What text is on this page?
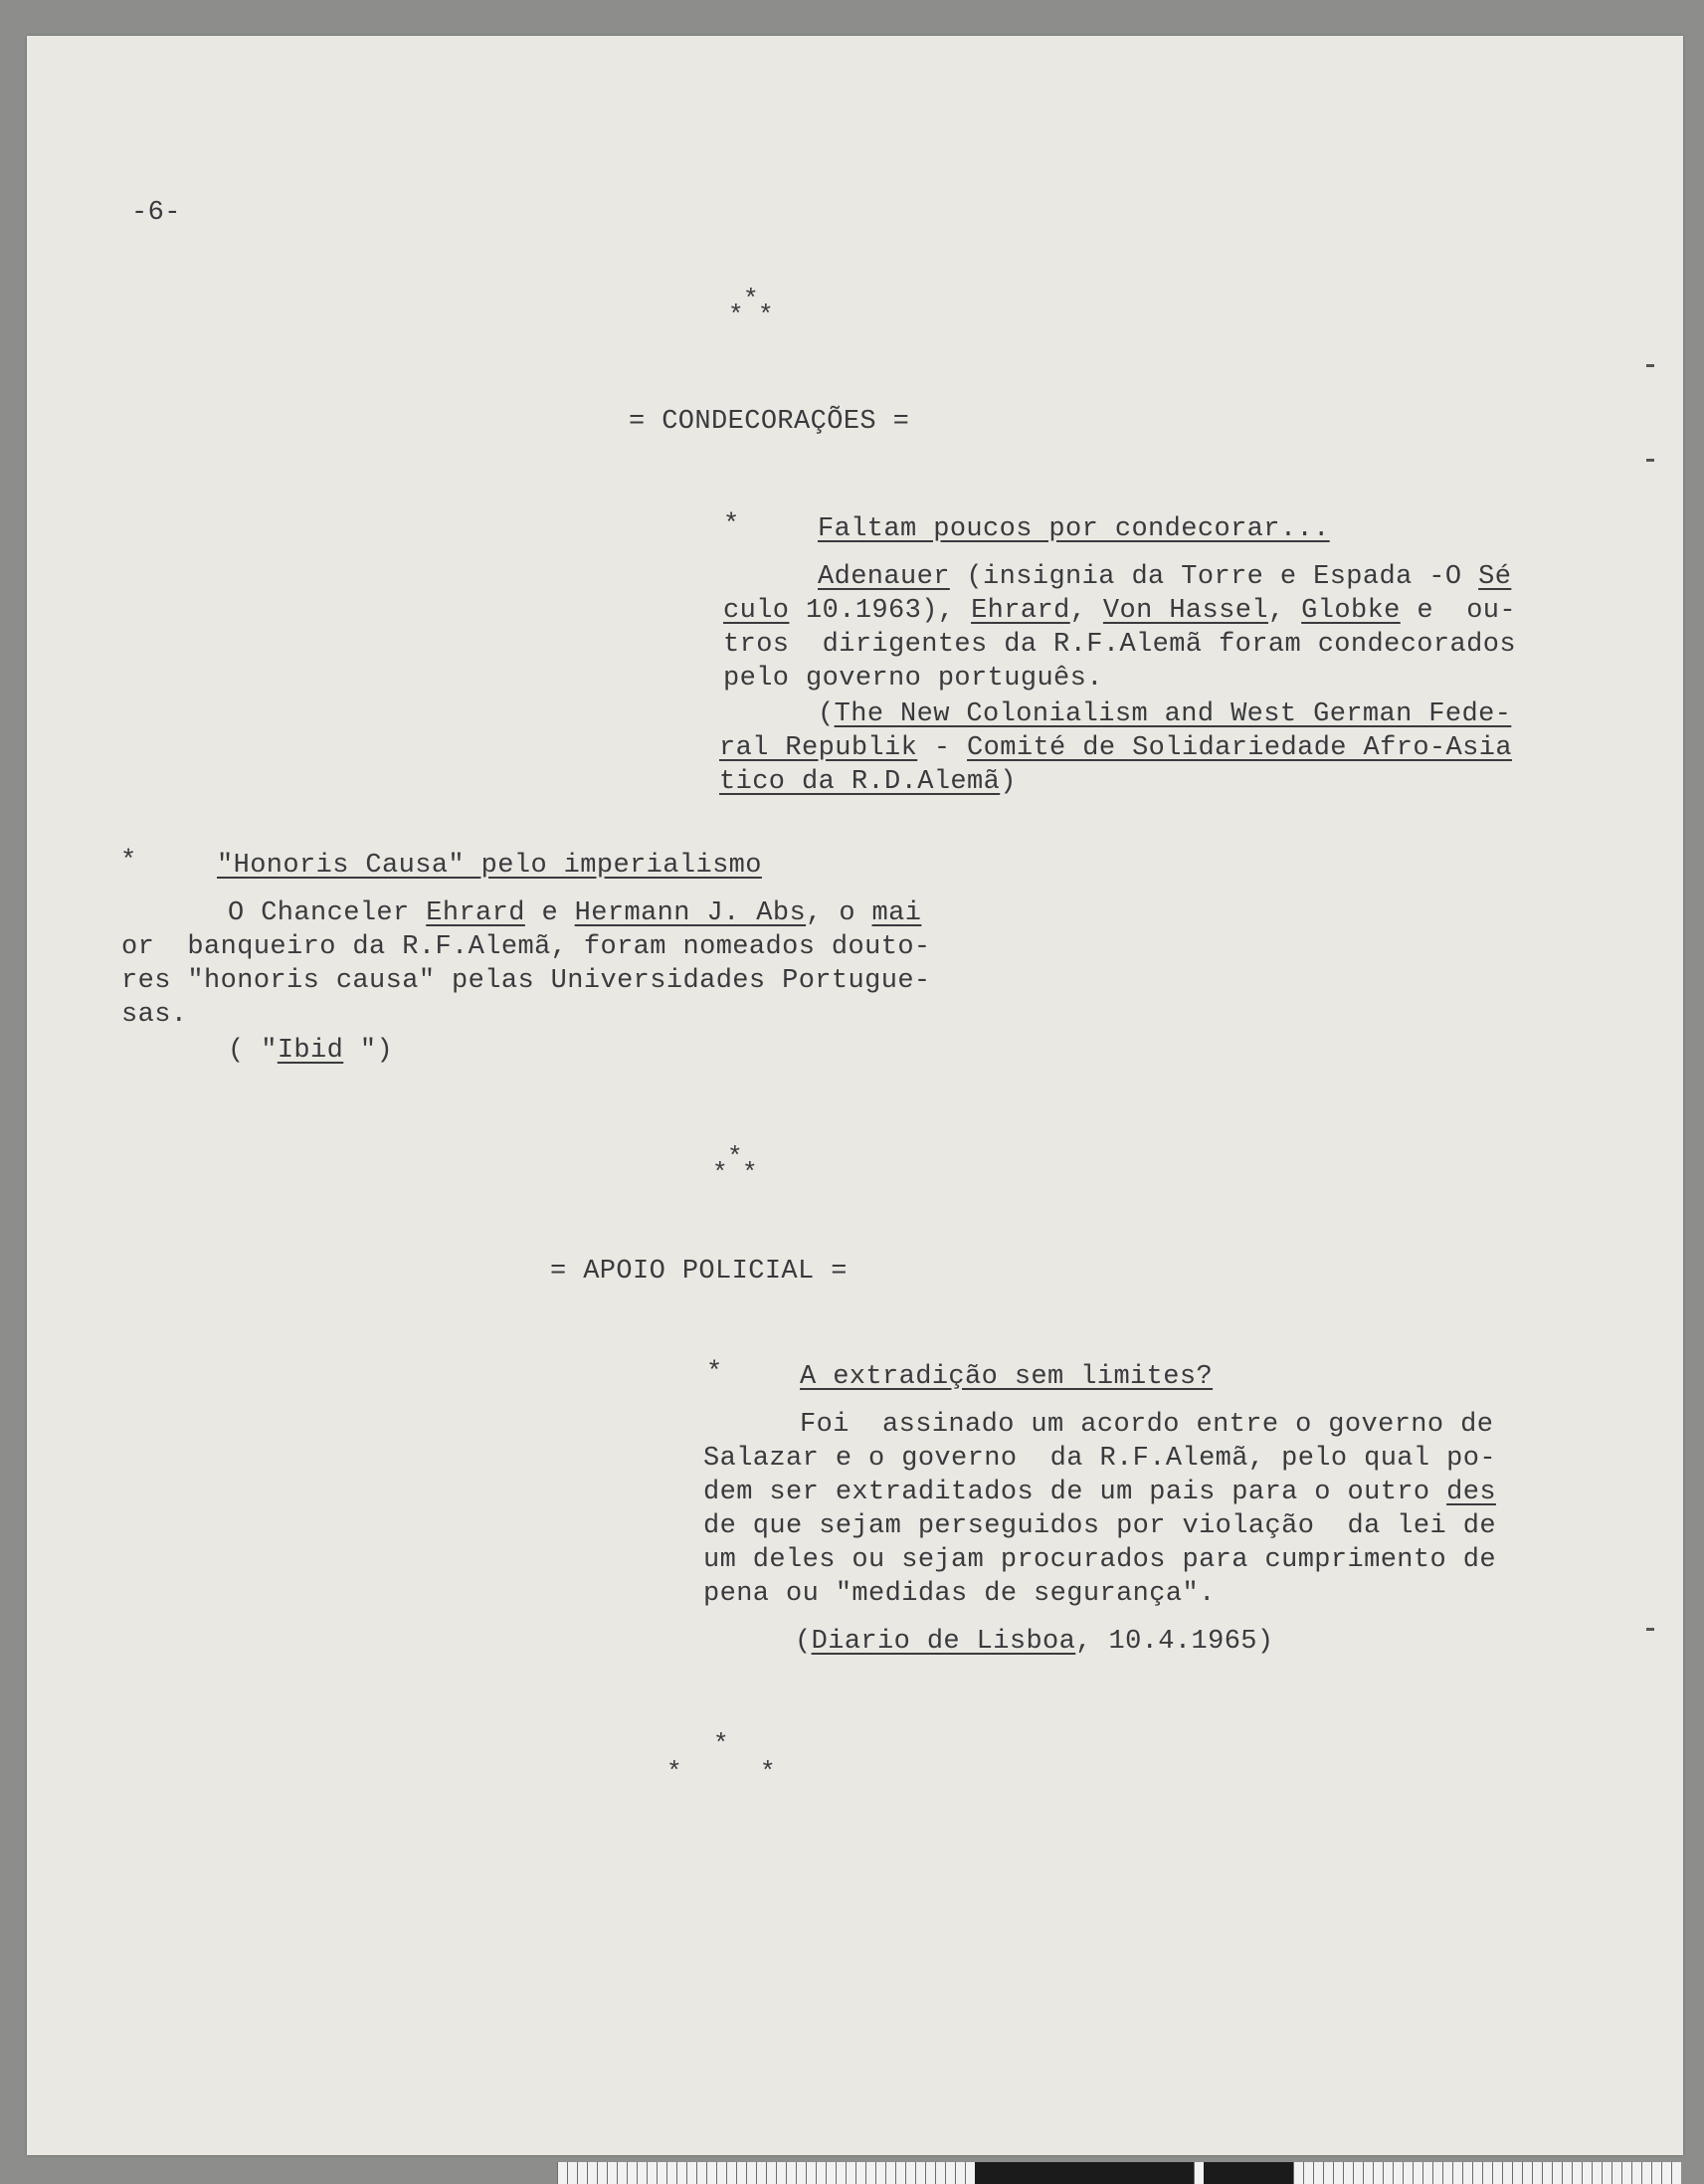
-6-
*
* *
= CONDECORAÇÕES =
*	Faltam poucos por condecorar...
Adenauer (insignia da Torre e Espada -O Sé
culo 10.1963), Ehrard, Von Hassel, Globke e  ou-
tros  dirigentes da R.F.Alemã foram condecorados
pelo governo português.
(The New Colonialism and West German Fede-
ral Republik - Comité de Solidariedade Afro-Asia
tico da R.D.Alemã)
*	"Honoris Causa" pelo imperialismo
O Chanceler Ehrard e Hermann J. Abs, o mai
or  banqueiro da R.F.Alemã, foram nomeados douto-
res "honoris causa" pelas Universidades Portugue-
sas.
( "Ibid ")
*
* *
= APOIO POLICIAL =
*	A extradição sem limites?
Foi  assinado um acordo entre o governo de
Salazar e o governo  da R.F.Alemã, pelo qual po-
dem ser extraditados de um pais para o outro des
de que sejam perseguidos por violação  da lei de
um deles ou sejam procurados para cumprimento de
pena ou "medidas de segurança".
(Diario de Lisboa, 10.4.1965)
*
*	*
